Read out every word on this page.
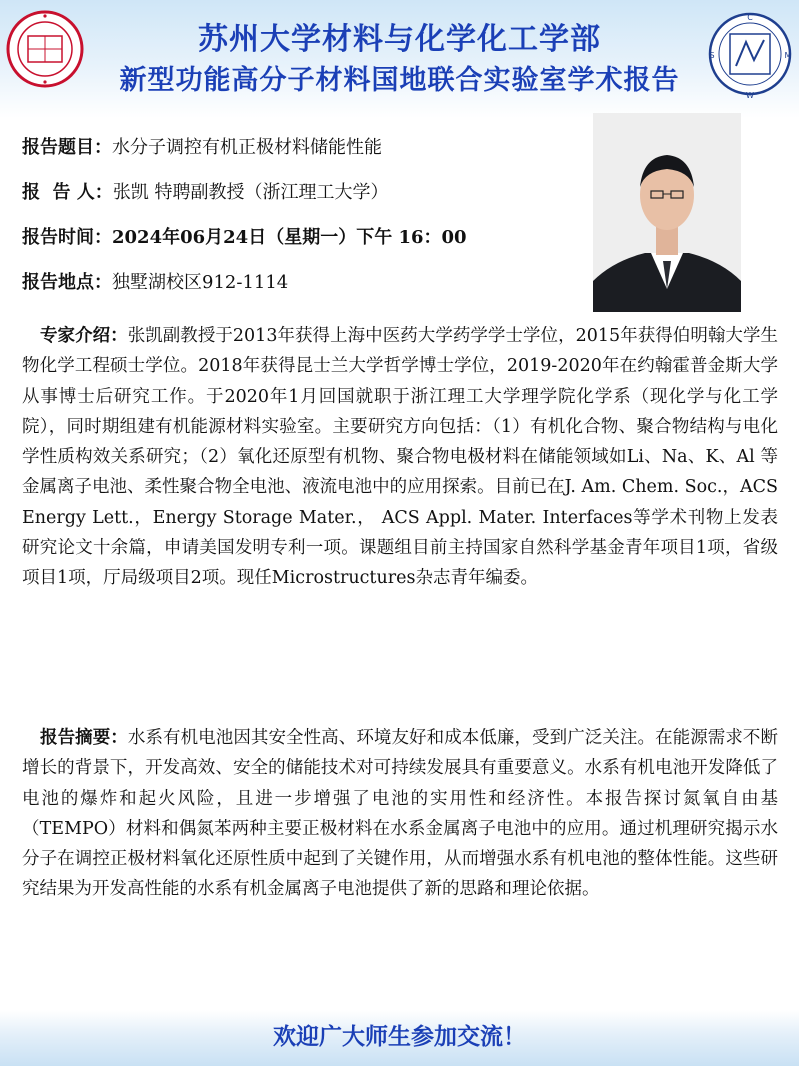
C
S	M
W
苏州大学材料与化学化工学部
新型功能高分子材料国地联合实验室学术报告
报告题目：水分子调控有机正极材料储能性能
报  告 人：张凯 特聘副教授（浙江理工大学）
报告时间：2024年06月24日（星期一）下午 16：00
报告地点：独墅湖校区912-1114
专家介绍：张凯副教授于2013年获得上海中医药大学药学学士学位，2015年获得伯明翰大学生物化学工程硕士学位。2018年获得昆士兰大学哲学博士学位，2019-2020年在约翰霍普金斯大学从事博士后研究工作。于2020年1月回国就职于浙江理工大学理学院化学系（现化学与化工学院），同时期组建有机能源材料实验室。主要研究方向包括：（1）有机化合物、聚合物结构与电化学性质构效关系研究；（2）氧化还原型有机物、聚合物电极材料在储能领域如Li、Na、K、Al 等金属离子电池、柔性聚合物全电池、液流电池中的应用探索。目前已在J. Am. Chem. Soc.，ACS Energy Lett.，Energy Storage Mater.， ACS Appl. Mater. Interfaces等学术刊物上发表研究论文十余篇，申请美国发明专利一项。课题组目前主持国家自然科学基金青年项目1项，省级项目1项，厅局级项目2项。现任Microstructures杂志青年编委。
报告摘要：水系有机电池因其安全性高、环境友好和成本低廉，受到广泛关注。在能源需求不断增长的背景下，开发高效、安全的储能技术对可持续发展具有重要意义。水系有机电池开发降低了电池的爆炸和起火风险，且进一步增强了电池的实用性和经济性。本报告探讨氮氧自由基（TEMPO）材料和偶氮苯两种主要正极材料在水系金属离子电池中的应用。通过机理研究揭示水分子在调控正极材料氧化还原性质中起到了关键作用，从而增强水系有机电池的整体性能。这些研究结果为开发高性能的水系有机金属离子电池提供了新的思路和理论依据。
欢迎广大师生参加交流！
